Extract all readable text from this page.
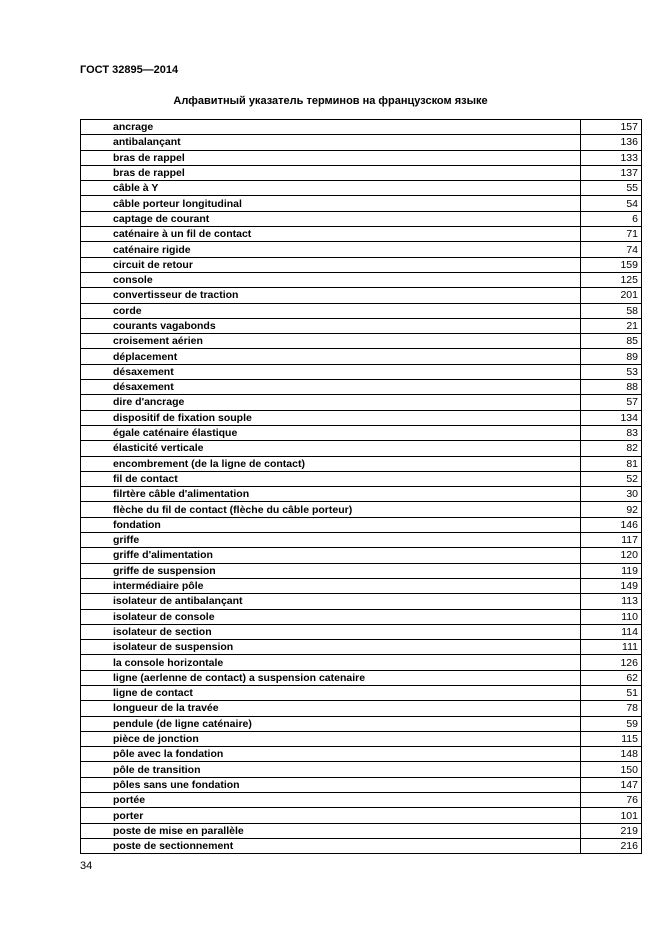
ГОСТ 32895—2014
Алфавитный указатель терминов на французском языке
ancrage	157
antibalançant	136
bras de rappel	133
bras de rappel	137
câble à Y	55
câble porteur longitudinal	54
captage de courant	6
caténaire à un fil de contact	71
caténaire rigide	74
circuit de retour	159
console	125
convertisseur de traction	201
corde	58
courants vagabonds	21
croisement aérien	85
déplacement	89
désaxement	53
désaxement	88
dire d'ancrage	57
dispositif de fixation souple	134
égale caténaire élastique	83
élasticité verticale	82
encombrement (de la ligne de contact)	81
fil de contact	52
filrtère câble d'alimentation	30
flèche du fil de contact (flèche du câble porteur)	92
fondation	146
griffe	117
griffe d'alimentation	120
griffe de suspension	119
intermédiaire pôle	149
isolateur de antibalançant	113
isolateur de console	110
isolateur de section	114
isolateur de suspension	111
la console horizontale	126
ligne (aerlenne de contact) a suspension catenaire	62
ligne de contact	51
longueur de la travée	78
pendule (de ligne caténaire)	59
pièce de jonction	115
pôle avec la fondation	148
pôle de transition	150
pôles sans une fondation	147
portée	76
porter	101
poste de mise en parallèle	219
poste de sectionnement	216
34
